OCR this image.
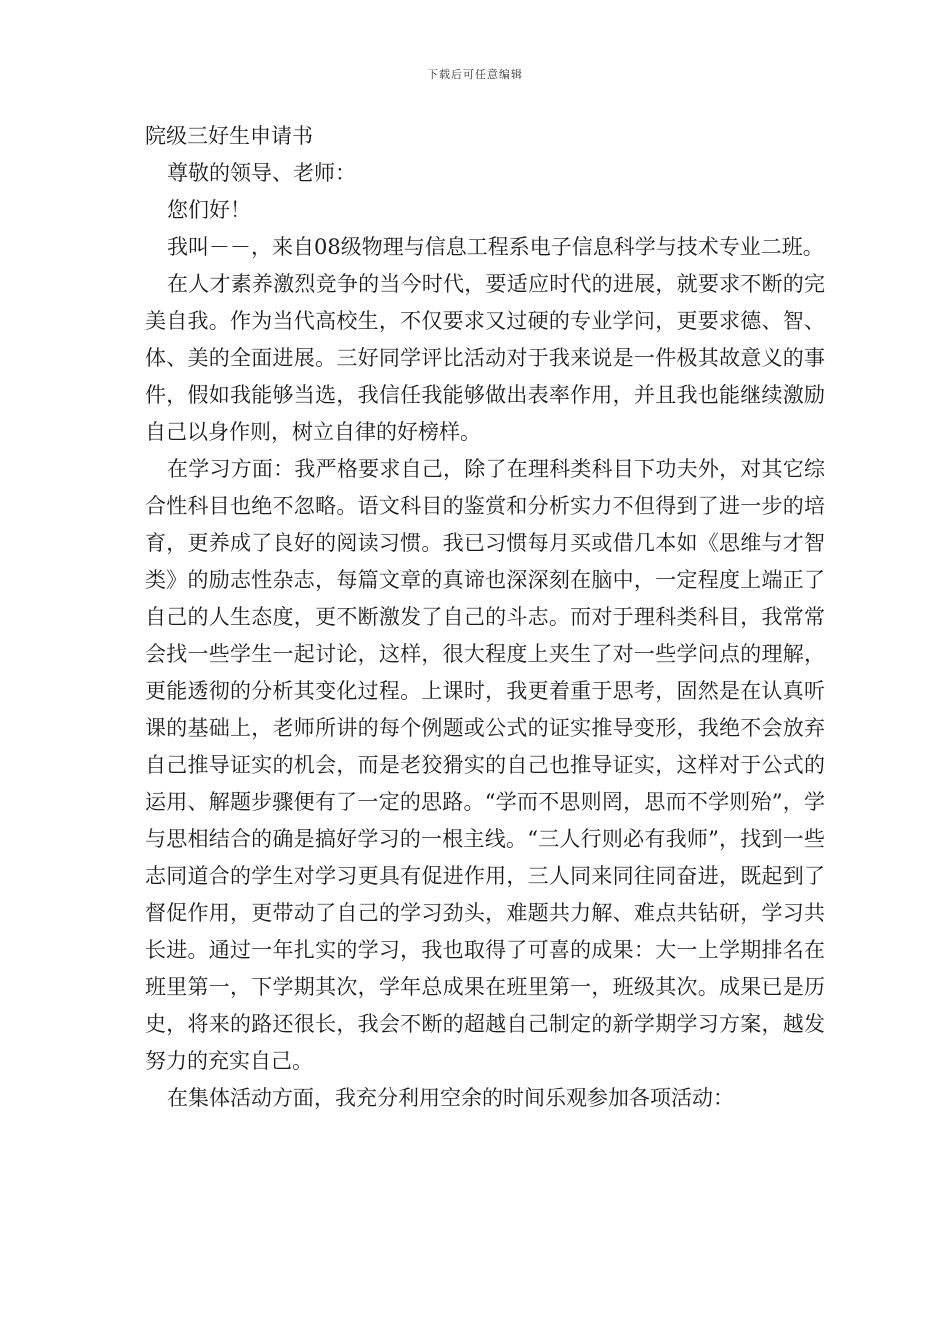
下载后可任意编辑

院级三好生申请书

尊敬的领导、老师：

您们好！

我叫－－，来自08级物理与信息工程系电子信息科学与技术专业二班。

在人才素养激烈竞争的当今时代，要适应时代的进展，就要求不断的完美自我。作为当代高校生，不仅要求又过硬的专业学问，更要求德、智、体、美的全面进展。三好同学评比活动对于我来说是一件极其故意义的事件，假如我能够当选，我信任我能够做出表率作用，并且我也能继续激励自己以身作则，树立自律的好榜样。

在学习方面：我严格要求自己，除了在理科类科目下功夫外，对其它综合性科目也绝不忽略。语文科目的鉴赏和分析实力不但得到了进一步的培育，更养成了良好的阅读习惯。我已习惯每月买或借几本如《思维与才智类》的励志性杂志，每篇文章的真谛也深深刻在脑中，一定程度上端正了自己的人生态度，更不断激发了自己的斗志。而对于理科类科目，我常常会找一些学生一起讨论，这样，很大程度上夹生了对一些学问点的理解，更能透彻的分析其变化过程。上课时，我更着重于思考，固然是在认真听课的基础上，老师所讲的每个例题或公式的证实推导变形，我绝不会放弃自己推导证实的机会，而是老狡猾实的自己也推导证实，这样对于公式的运用、解题步骤便有了一定的思路。“学而不思则罔，思而不学则殆”，学与思相结合的确是搞好学习的一根主线。“三人行则必有我师”，找到一些志同道合的学生对学习更具有促进作用，三人同来同往同奋进，既起到了督促作用，更带动了自己的学习劲头，难题共力解、难点共钻研，学习共长进。通过一年扎实的学习，我也取得了可喜的成果：大一上学期排名在班里第一，下学期其次，学年总成果在班里第一，班级其次。成果已是历史，将来的路还很长，我会不断的超越自己制定的新学期学习方案，越发努力的充实自己。

在集体活动方面，我充分利用空余的时间乐观参加各项活动：
